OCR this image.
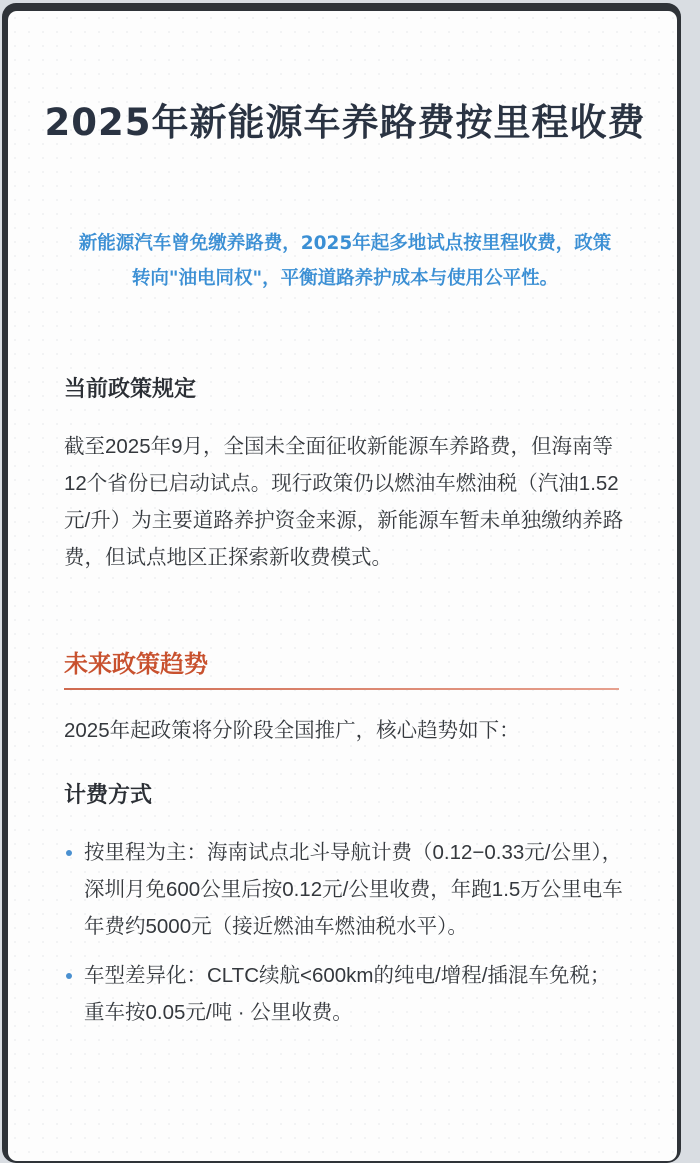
2025年新能源车养路费按里程收费
新能源汽车曾免缴养路费，2025年起多地试点按里程收费，政策转向"油电同权"，平衡道路养护成本与使用公平性。
当前政策规定
截至2025年9月，全国未全面征收新能源车养路费，但海南等12个省份已启动试点。现行政策仍以燃油车燃油税（汽油1.52元/升）为主要道路养护资金来源，新能源车暂未单独缴纳养路费，但试点地区正探索新收费模式。
未来政策趋势
2025年起政策将分阶段全国推广，核心趋势如下：
计费方式
按里程为主：海南试点北斗导航计费（0.12−0.33元/公里），深圳月免600公里后按0.12元/公里收费，年跑1.5万公里电车年费约5000元（接近燃油车燃油税水平）。
车型差异化：CLTC续航<600km的纯电/增程/插混车免税；重车按0.05元/吨 · 公里收费。
